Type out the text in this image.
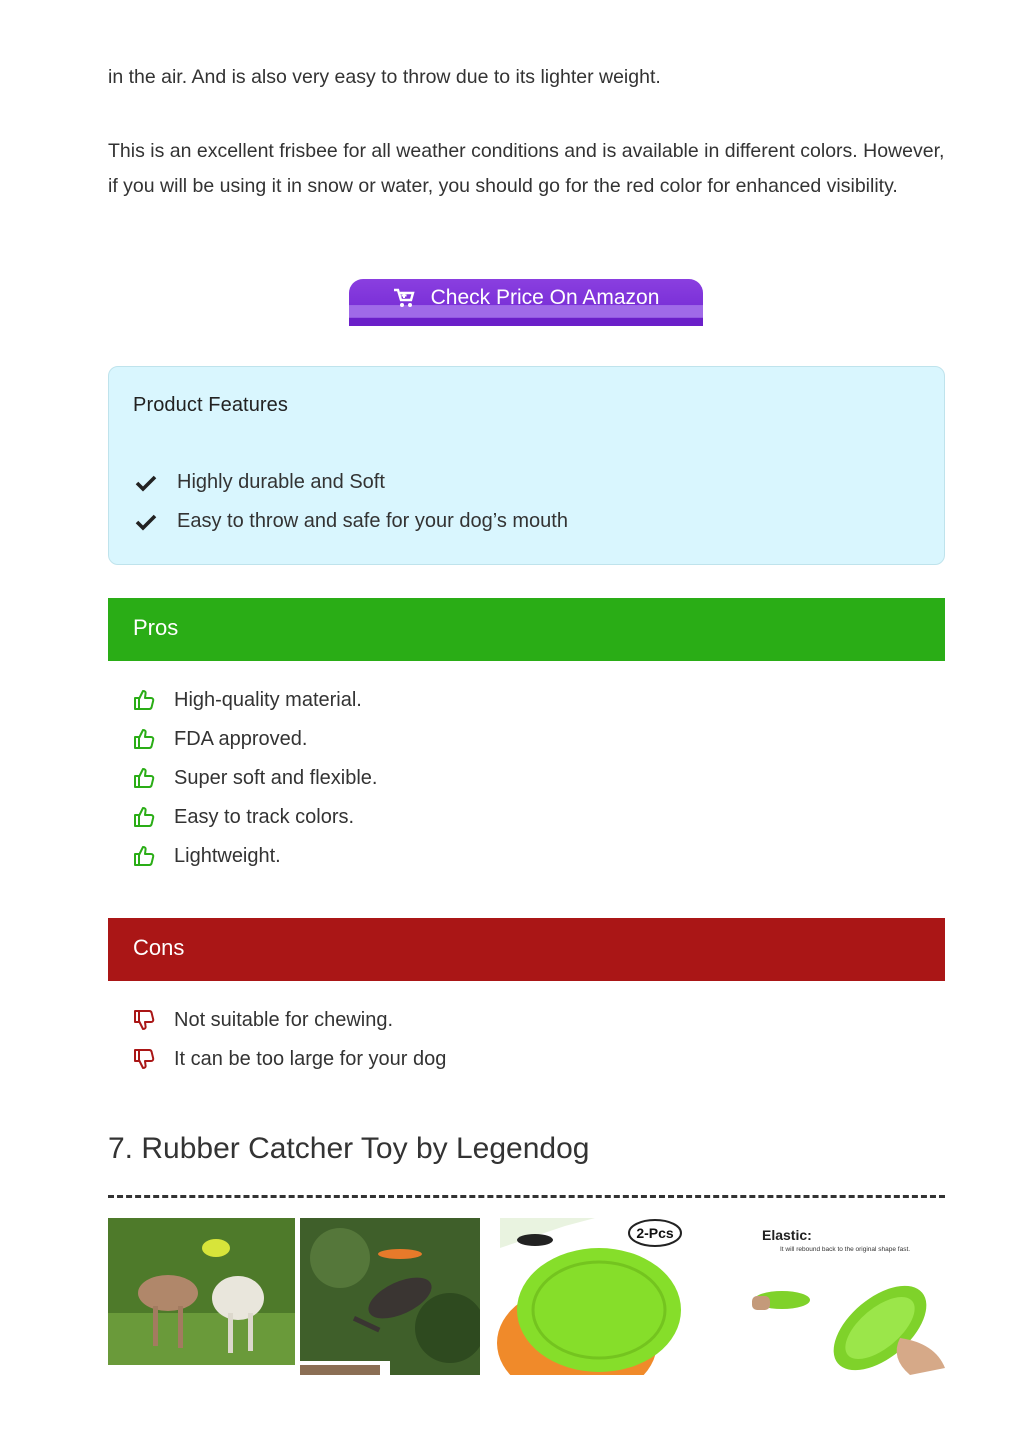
in the air. And is also very easy to throw due to its lighter weight.

This is an excellent frisbee for all weather conditions and is available in different colors. However, if you will be using it in snow or water, you should go for the red color for enhanced visibility.

Check Price On Amazon
Product Features
Highly durable and Soft
Easy to throw and safe for your dog’s mouth
Pros
High-quality material.
FDA approved.
Super soft and flexible.
Easy to track colors.
Lightweight.
Cons
Not suitable for chewing.
It can be too large for your dog
7. Rubber Catcher Toy by Legendog
2-Pcs	Elastic:
It will rebound back to the original shape fast.
